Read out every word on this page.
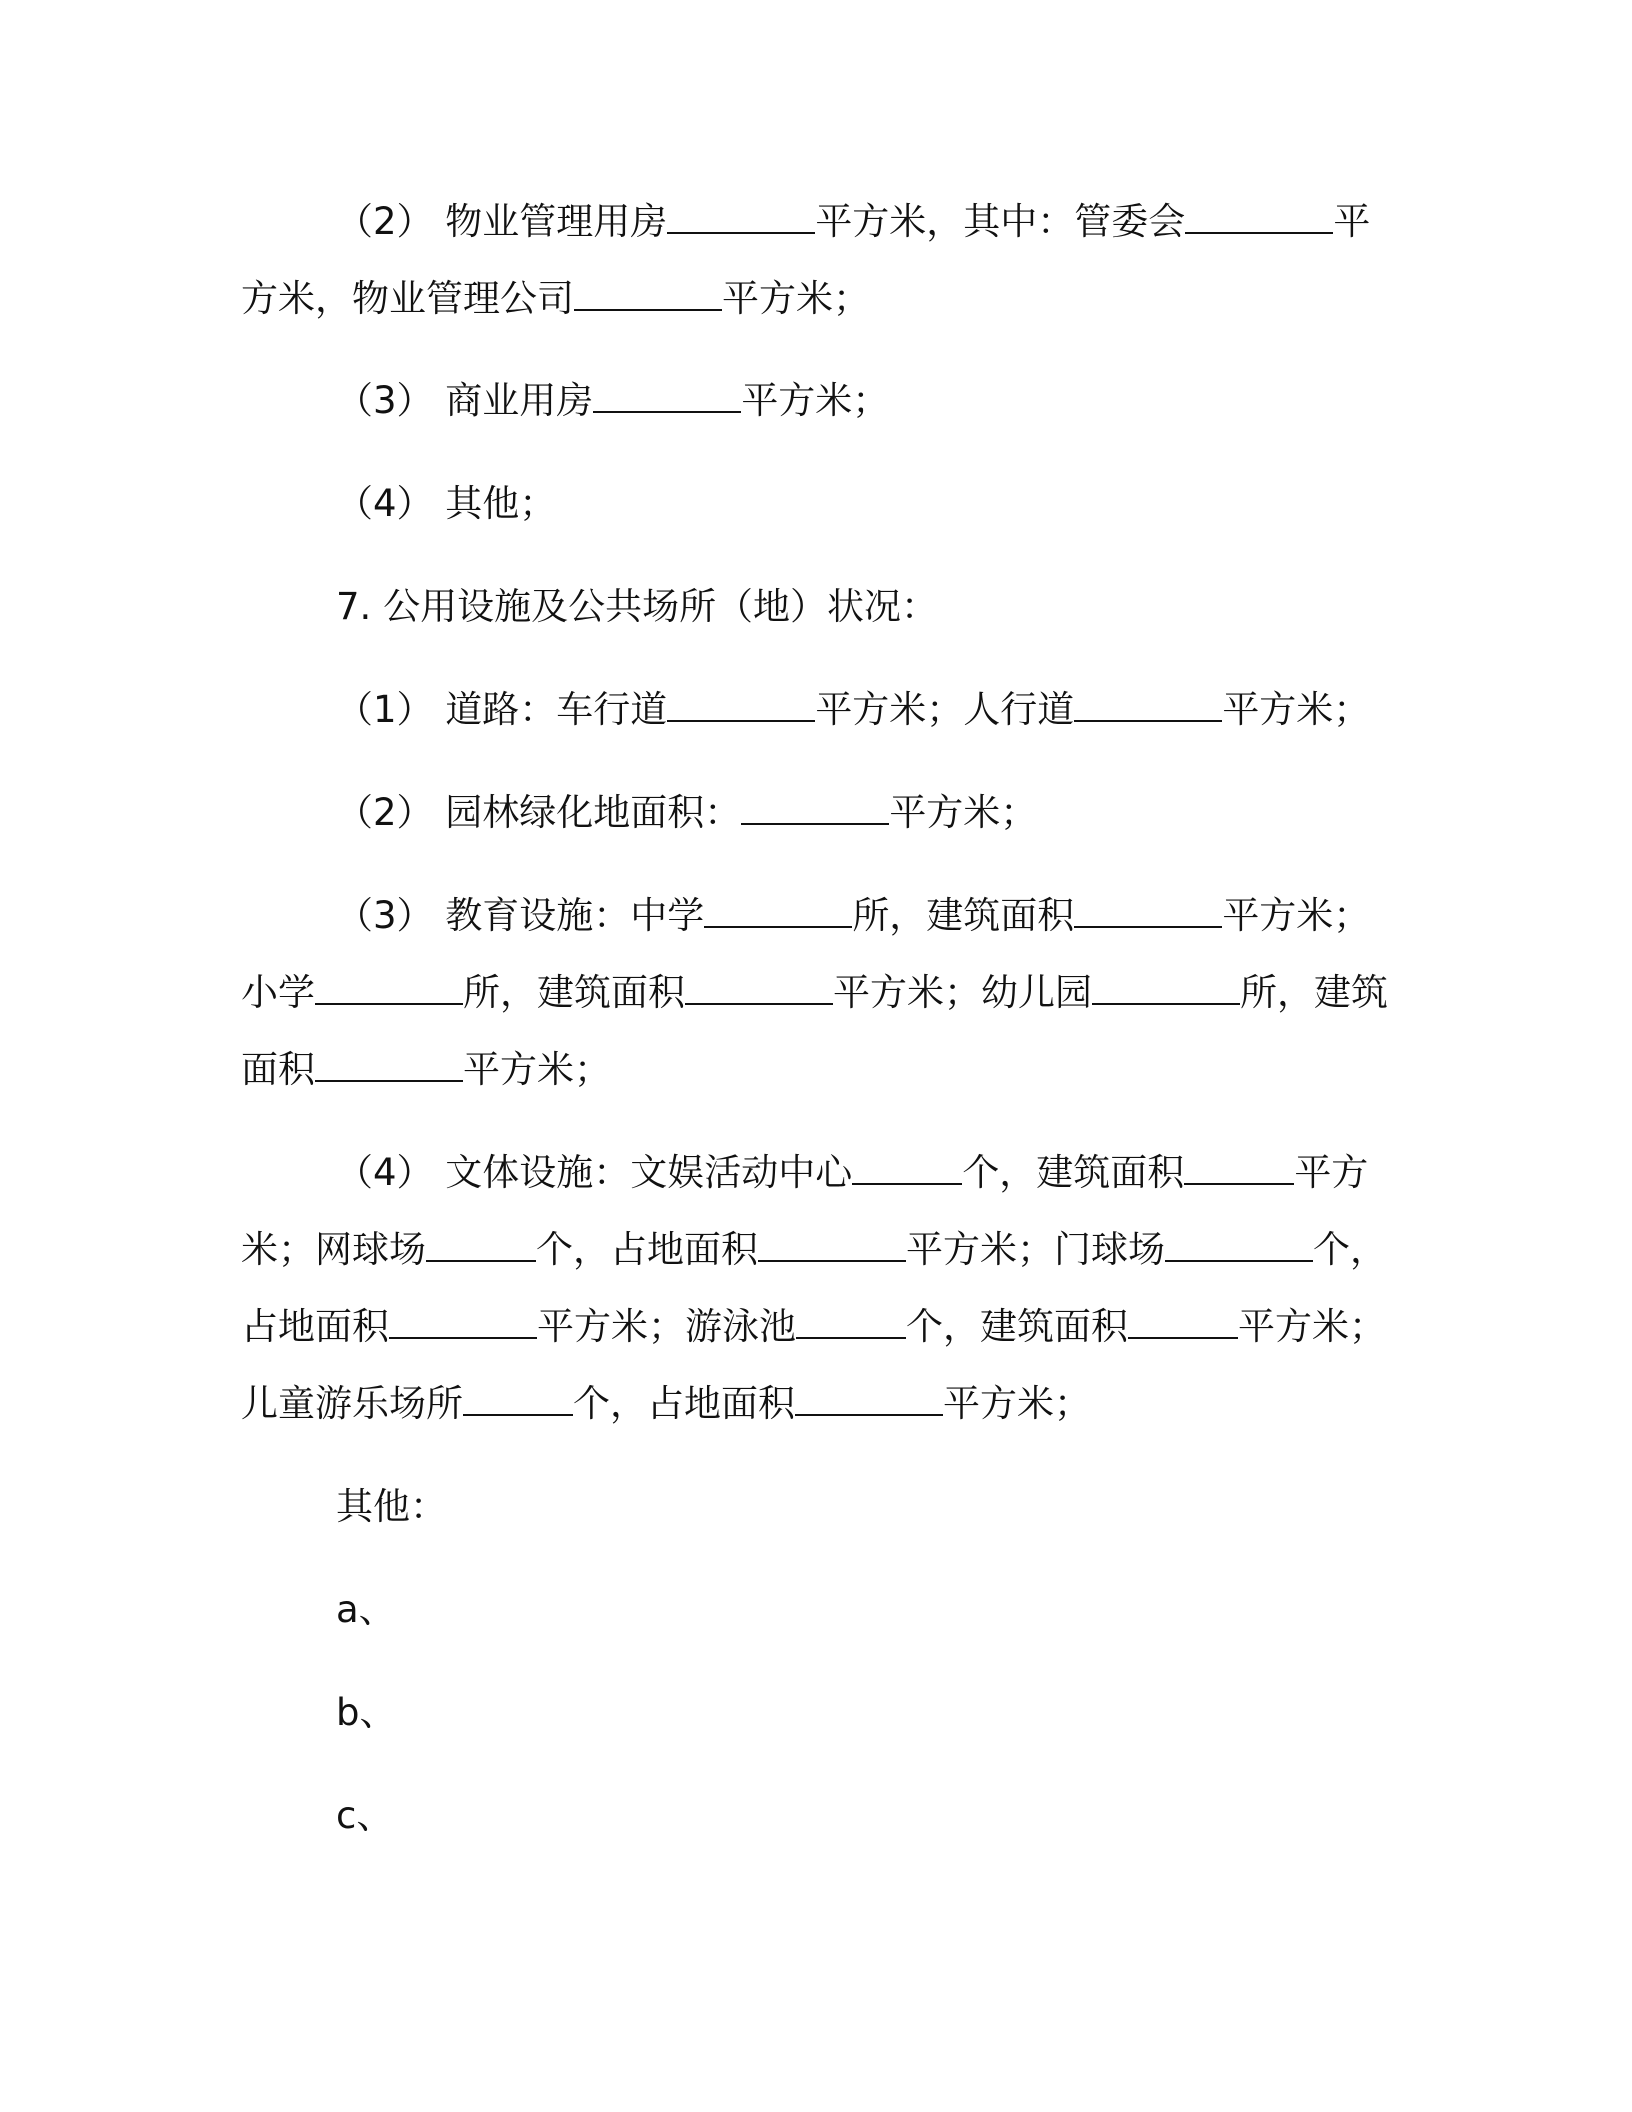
（2） 物业管理用房	平方米，其中：管委会	平方米，物业管理公司	平方米；

（3） 商业用房	平方米；

（4） 其他；

7. 公用设施及公共场所（地）状况：

（1） 道路：车行道	平方米；人行道	平方米；

（2） 园林绿化地面积：	平方米；

（3） 教育设施：中学	所，建筑面积	平方米；小学	所，建筑面积	平方米；幼儿园	所，建筑面积	平方米；

（4） 文体设施：文娱活动中心	个，建筑面积	平方米；网球场	个，占地面积	平方米；门球场	个，占地面积	平方米；游泳池	个，建筑面积	平方米；儿童游乐场所	个，占地面积	平方米；

其他：

a、

b、

c、
